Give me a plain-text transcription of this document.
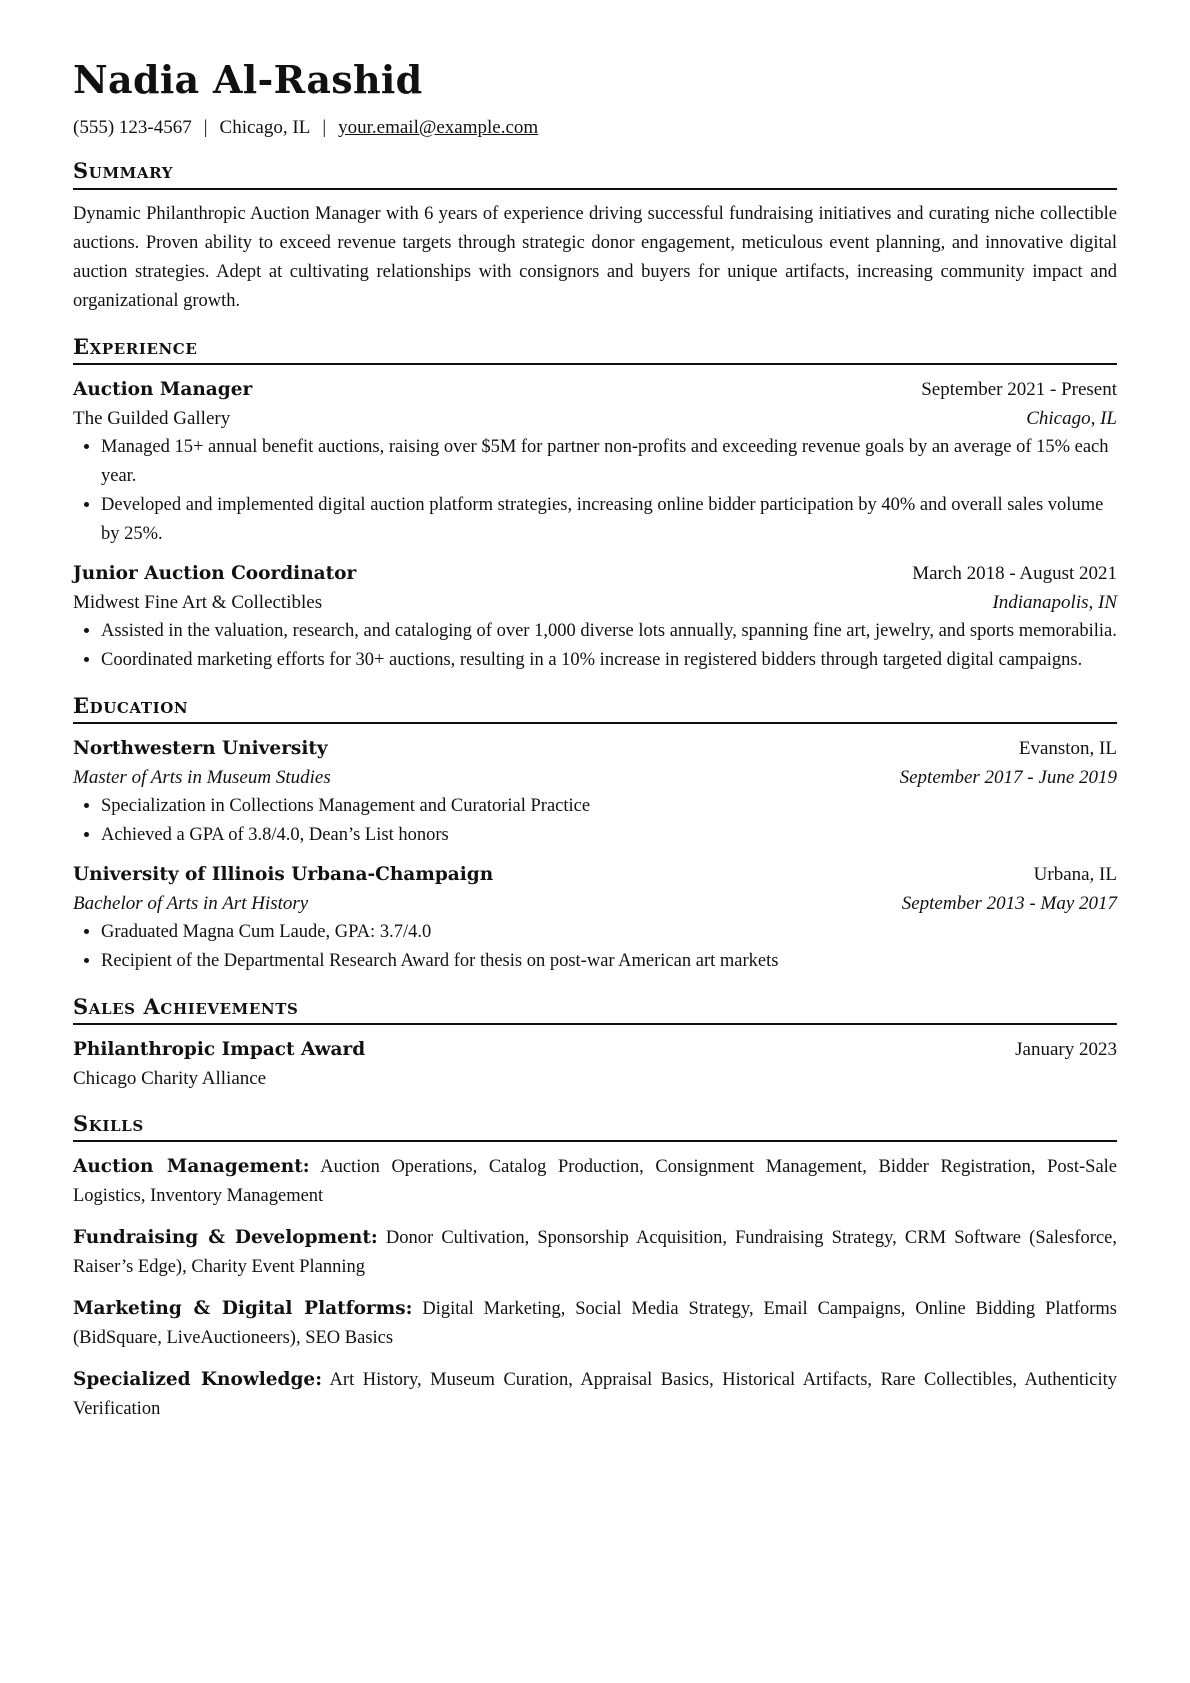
Nadia Al-Rashid
(555) 123-4567 | Chicago, IL | your.email@example.com
Summary
Dynamic Philanthropic Auction Manager with 6 years of experience driving successful fundraising initiatives and curating niche collectible auctions. Proven ability to exceed revenue targets through strategic donor engagement, meticulous event planning, and innovative digital auction strategies. Adept at cultivating relationships with consignors and buyers for unique artifacts, increasing community impact and organizational growth.
Experience
Auction Manager	September 2021 - Present
The Guilded Gallery	Chicago, IL
• Managed 15+ annual benefit auctions, raising over $5M for partner non-profits and exceeding revenue goals by an average of 15% each year.
• Developed and implemented digital auction platform strategies, increasing online bidder participation by 40% and overall sales volume by 25%.
Junior Auction Coordinator	March 2018 - August 2021
Midwest Fine Art & Collectibles	Indianapolis, IN
• Assisted in the valuation, research, and cataloging of over 1,000 diverse lots annually, spanning fine art, jewelry, and sports memorabilia.
• Coordinated marketing efforts for 30+ auctions, resulting in a 10% increase in registered bidders through targeted digital campaigns.
Education
Northwestern University	Evanston, IL
Master of Arts in Museum Studies	September 2017 - June 2019
• Specialization in Collections Management and Curatorial Practice
• Achieved a GPA of 3.8/4.0, Dean’s List honors
University of Illinois Urbana-Champaign	Urbana, IL
Bachelor of Arts in Art History	September 2013 - May 2017
• Graduated Magna Cum Laude, GPA: 3.7/4.0
• Recipient of the Departmental Research Award for thesis on post-war American art markets
Sales Achievements
Philanthropic Impact Award	January 2023
Chicago Charity Alliance
Skills
Auction Management: Auction Operations, Catalog Production, Consignment Management, Bidder Registration, Post-Sale Logistics, Inventory Management
Fundraising & Development: Donor Cultivation, Sponsorship Acquisition, Fundraising Strategy, CRM Software (Salesforce, Raiser’s Edge), Charity Event Planning
Marketing & Digital Platforms: Digital Marketing, Social Media Strategy, Email Campaigns, Online Bidding Platforms (BidSquare, LiveAuctioneers), SEO Basics
Specialized Knowledge: Art History, Museum Curation, Appraisal Basics, Historical Artifacts, Rare Collectibles, Authenticity Verification
